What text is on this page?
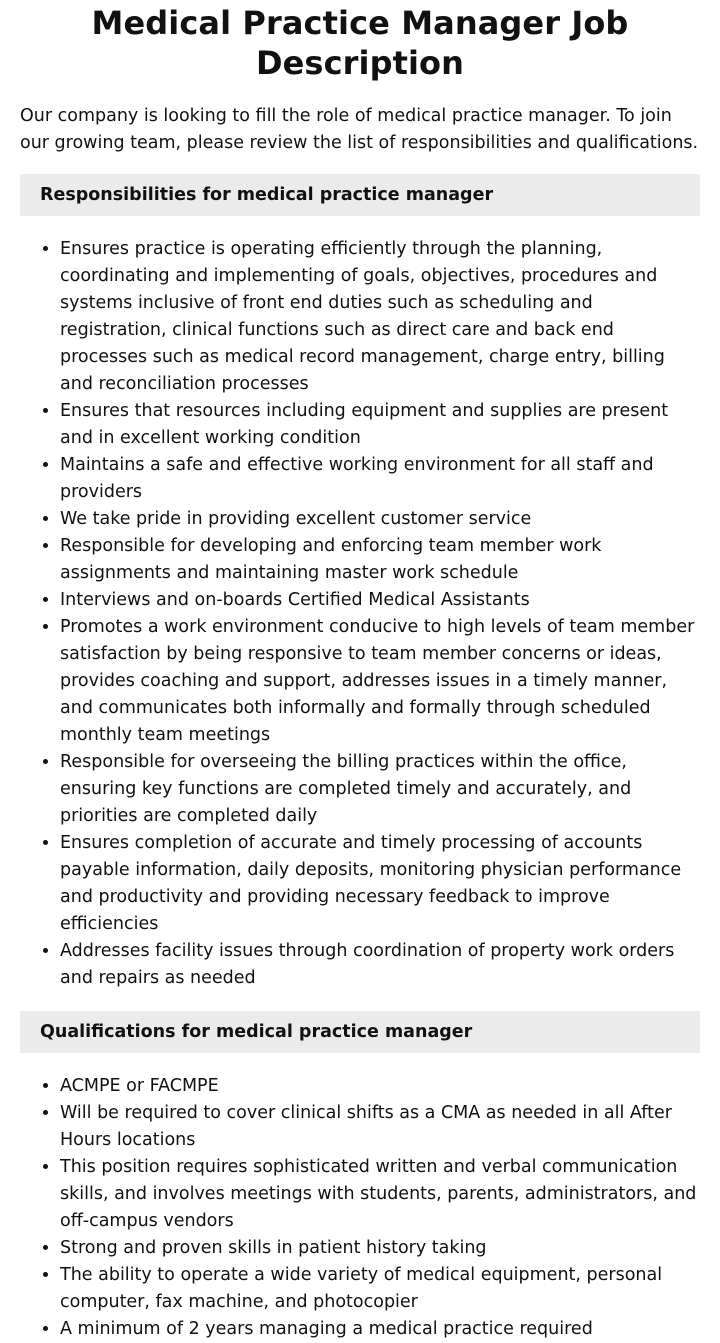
Medical Practice Manager Job Description

Our company is looking to fill the role of medical practice manager. To join our growing team, please review the list of responsibilities and qualifications.

Responsibilities for medical practice manager
• Ensures practice is operating efficiently through the planning, coordinating and implementing of goals, objectives, procedures and systems inclusive of front end duties such as scheduling and registration, clinical functions such as direct care and back end processes such as medical record management, charge entry, billing and reconciliation processes
• Ensures that resources including equipment and supplies are present and in excellent working condition
• Maintains a safe and effective working environment for all staff and providers
• We take pride in providing excellent customer service
• Responsible for developing and enforcing team member work assignments and maintaining master work schedule
• Interviews and on-boards Certified Medical Assistants
• Promotes a work environment conducive to high levels of team member satisfaction by being responsive to team member concerns or ideas, provides coaching and support, addresses issues in a timely manner, and communicates both informally and formally through scheduled monthly team meetings
• Responsible for overseeing the billing practices within the office, ensuring key functions are completed timely and accurately, and priorities are completed daily
• Ensures completion of accurate and timely processing of accounts payable information, daily deposits, monitoring physician performance and productivity and providing necessary feedback to improve efficiencies
• Addresses facility issues through coordination of property work orders and repairs as needed
Qualifications for medical practice manager
• ACMPE or FACMPE
• Will be required to cover clinical shifts as a CMA as needed in all After Hours locations
• This position requires sophisticated written and verbal communication skills, and involves meetings with students, parents, administrators, and off-campus vendors
• Strong and proven skills in patient history taking
• The ability to operate a wide variety of medical equipment, personal computer, fax machine, and photocopier
• A minimum of 2 years managing a medical practice required
